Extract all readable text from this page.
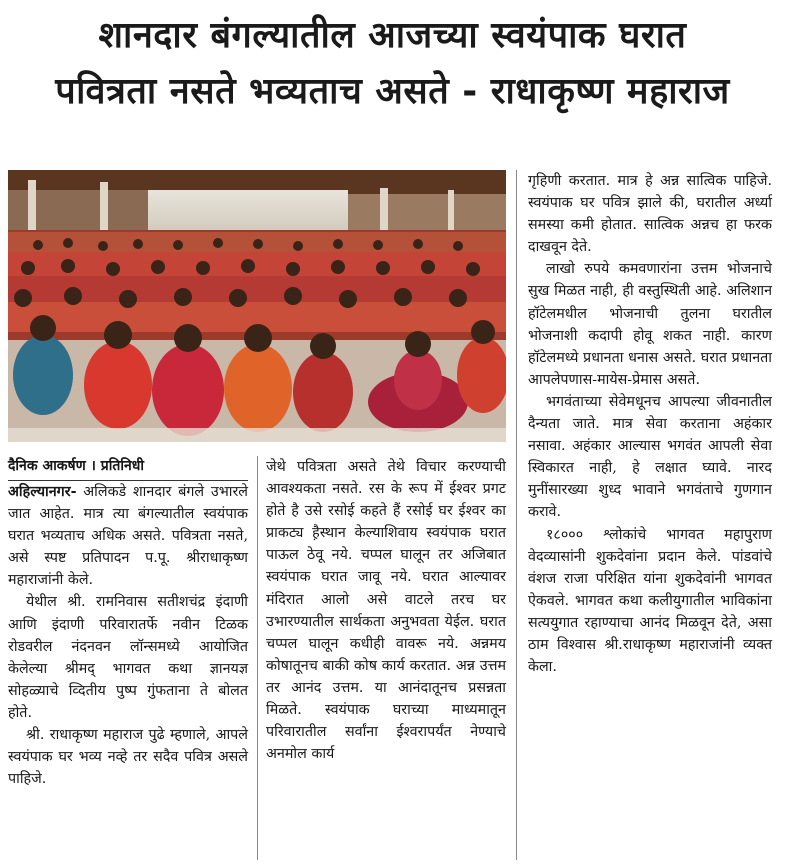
शानदार बंगल्यातील आजच्या स्वयंपाक घरात
पवित्रता नसते भव्यताच असते - राधाकृष्ण महाराज

दैनिक आकर्षण । प्रतिनिधी

अहिल्यानगर- अलिकडे शानदार बंगले उभारले जात आहेत. मात्र त्या बंगल्यातील स्वयंपाक घरात भव्यताच अधिक असते. पवित्रता नसते, असे स्पष्ट प्रतिपादन प.पू. श्रीराधाकृष्ण महाराजांनी केले.

येथील श्री. रामनिवास सतीशचंद्र इंदाणी आणि इंदाणी परिवारातर्फे नवीन टिळक रोडवरील नंदनवन लॉन्समध्ये आयोजित केलेल्या श्रीमद् भागवत कथा ज्ञानयज्ञ सोहळ्याचे व्दितीय पुष्प गुंफताना ते बोलत होते.

श्री. राधाकृष्ण महाराज पुढे म्हणाले, आपले स्वयंपाक घर भव्य नव्हे तर सदैव पवित्र असले पाहिजे.

जेथे पवित्रता असते तेथे विचार करण्याची आवश्यकता नसते. रस के रूप में ईश्वर प्रगट होते है उसे रसोई कहते हैं रसोई घर ईश्वर का प्राकट्य है़स्थान केल्याशिवाय स्वयंपाक घरात पाऊल ठेवू नये. चप्पल घालून तर अजिबात स्वयंपाक घरात जावू नये. घरात आल्यावर मंदिरात आलो असे वाटले तरच घर उभारण्यातील सार्थकता अनुभवता येईल. घरात चप्पल घालून कधीही वावरू नये. अन्नमय कोषातूनच बाकी कोष कार्य करतात. अन्न उत्तम तर आनंद उत्तम. या आनंदातूनच प्रसन्नता मिळते. स्वयंपाक घराच्या माध्यमातून परिवारातील सर्वांना ईश्वरापर्यंत नेण्याचे अनमोल कार्य

गृहिणी करतात. मात्र हे अन्न सात्विक पाहिजे. स्वयंपाक घर पवित्र झाले की, घरातील अर्ध्या समस्या कमी होतात. सात्विक अन्नच हा फरक दाखवून देते.

लाखो रुपये कमवणारांना उत्तम भोजनाचे सुख मिळत नाही, ही वस्तुस्थिती आहे. अलिशान हॉटेलमधील भोजनाची तुलना घरातील भोजनाशी कदापी होवू शकत नाही. कारण हॉटेलमध्ये प्रधानता धनास असते. घरात प्रधानता आपलेपणास-मायेस-प्रेमास असते.

भगवंताच्या सेवेमधूनच आपल्या जीवनातील दैन्यता जाते. मात्र सेवा करताना अहंकार नसावा. अहंकार आल्यास भगवंत आपली सेवा स्विकारत नाही, हे लक्षात घ्यावे. नारद मुनींसारख्या शुध्द भावाने भगवंताचे गुणगान करावे.

१८००० श्लोकांचे भागवत महापुराण वेदव्यासांनी शुकदेवांना प्रदान केले. पांडवांचे वंशज राजा परिक्षित यांना शुकदेवांनी भागवत ऐकवले. भागवत कथा कलीयुगातील भाविकांना सत्ययुगात रहाण्याचा आनंद मिळवून देते, असा ठाम विश्वास श्री.राधाकृष्ण महाराजांनी व्यक्त केला.
